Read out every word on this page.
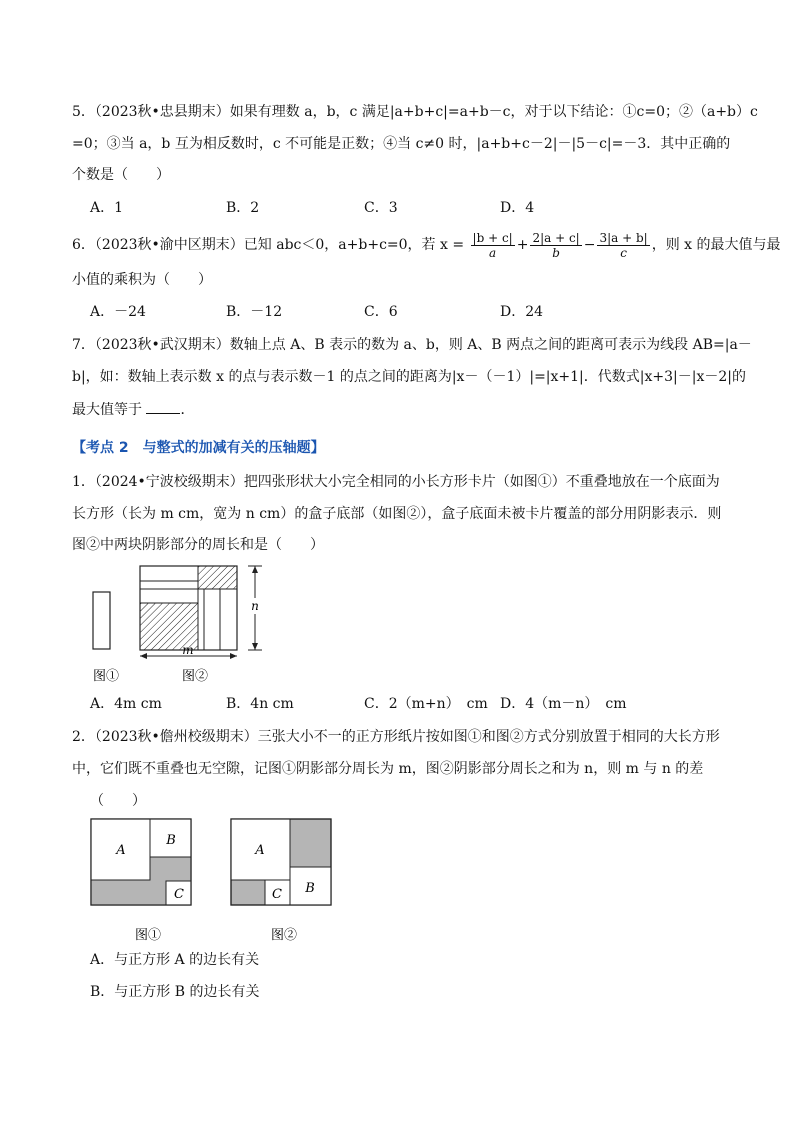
5．（2023秋•忠县期末）如果有理数 a，b，c 满足|a+b+c|=a+b－c，对于以下结论：①c=0；②（a+b）c
=0；③当 a，b 互为相反数时，c 不可能是正数；④当 c≠0 时，|a+b+c－2|－|5－c|=－3．其中正确的
个数是（　　）
A．1	B．2	C．3	D．4
6．（2023秋•渝中区期末）已知 abc＜0，a+b+c=0，若 $x = \frac{|b + c|}{a} + \frac{2|a + c|}{b} - \frac{3|a + b|}{c}$ ，则 x 的最大值与最
小值的乘积为（　　）
A．－24	B．－12	C．6	D．24
7．（2023秋•武汉期末）数轴上点 A、B 表示的数为 a、b，则 A、B 两点之间的距离可表示为线段 AB=|a－
b|，如：数轴上表示数 x 的点与表示数－1 的点之间的距离为|x－（－1）|=|x+1|．代数式|x+3|－|x－2|的
最大值等于	．
【考点 2　与整式的加减有关的压轴题】
1．（2024•宁波校级期末）把四张形状大小完全相同的小长方形卡片（如图①）不重叠地放在一个底面为
长方形（长为 m cm，宽为 n cm）的盒子底部（如图②），盒子底面未被卡片覆盖的部分用阴影表示．则
图②中两块阴影部分的周长和是（　　）
n
m
图①	图②
A．4m cm	B．4n cm	C．2（m+n）　cm D．4（m－n）　cm
2．（2023秋•儋州校级期末）三张大小不一的正方形纸片按如图①和图②方式分别放置于相同的大长方形
中，它们既不重叠也无空隙，记图①阴影部分周长为 m，图②阴影部分周长之和为 n，则 m 与 n 的差
（　　）
A
B
C
图①
A
B
C
图②
A．与正方形 A 的边长有关
B．与正方形 B 的边长有关
